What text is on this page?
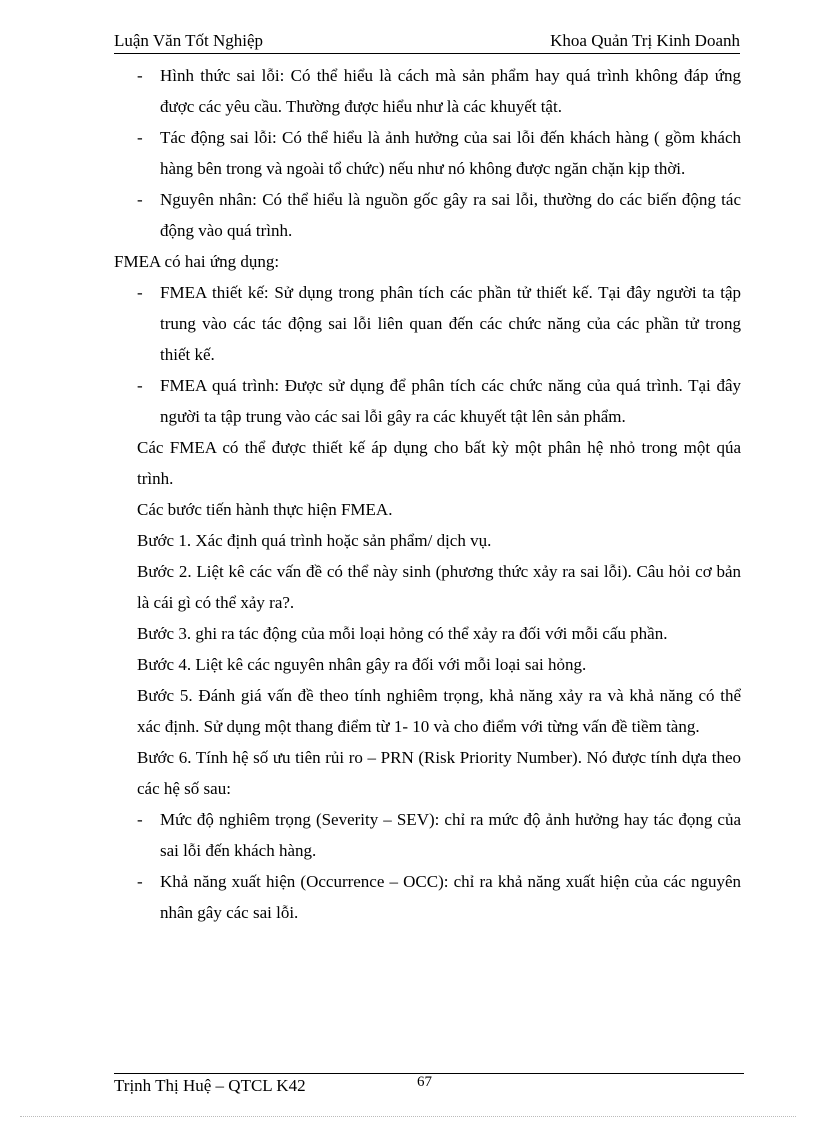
Luận Văn Tốt Nghiệp	Khoa Quản Trị Kinh Doanh

- Hình thức sai lỗi: Có thể hiểu là cách mà sản phẩm hay quá trình không đáp ứng được các yêu cầu. Thường được hiểu như là các khuyết tật.

- Tác động sai lỗi: Có thể hiểu là ảnh hưởng của sai lỗi đến khách hàng ( gồm khách hàng bên trong và ngoài tổ chức) nếu như nó không được ngăn chặn kịp thời.

- Nguyên nhân: Có thể hiểu là nguồn gốc gây ra sai lỗi, thường do các biến động tác động vào quá trình.

FMEA có hai ứng dụng:

- FMEA thiết kế: Sử dụng trong phân tích các phần tử thiết kế. Tại đây người ta tập trung vào các tác động sai lỗi liên quan đến các chức năng của các phần tử trong thiết kế.

- FMEA quá trình: Được sử dụng để phân tích các chức năng của quá trình. Tại đây người ta tập trung vào các sai lỗi gây ra các khuyết tật lên sản phẩm.

Các FMEA có thể được thiết kế áp dụng cho bất kỳ một phân hệ nhỏ trong một qúa trình.

Các bước tiến hành thực hiện FMEA.

Bước 1. Xác định quá trình hoặc sản phẩm/ dịch vụ.

Bước 2. Liệt kê các vấn đề có thể này sinh (phương thức xảy ra sai lỗi). Câu hỏi cơ bản là cái gì có thể xảy ra?.

Bước 3. ghi ra tác động của mỗi loại hỏng có thể xảy ra đối với mỗi cấu phần.

Bước 4. Liệt kê các nguyên nhân gây ra đối với mỗi loại sai hỏng.

Bước 5. Đánh giá vấn đề theo tính nghiêm trọng, khả năng xảy ra và khả năng có thể xác định. Sử dụng một thang điểm từ 1- 10 và cho điểm với từng vấn đề tiềm tàng.

Bước 6. Tính hệ số ưu tiên rủi ro – PRN (Risk Priority Number). Nó được tính dựa theo các hệ số sau:

- Mức độ nghiêm trọng (Severity – SEV): chỉ ra mức độ ảnh hưởng hay tác đọng của sai lỗi đến khách hàng.

- Khả năng xuất hiện (Occurrence – OCC): chỉ ra khả năng xuất hiện của các nguyên nhân gây các sai lỗi.

Trịnh Thị Huệ – QTCL K42	67
